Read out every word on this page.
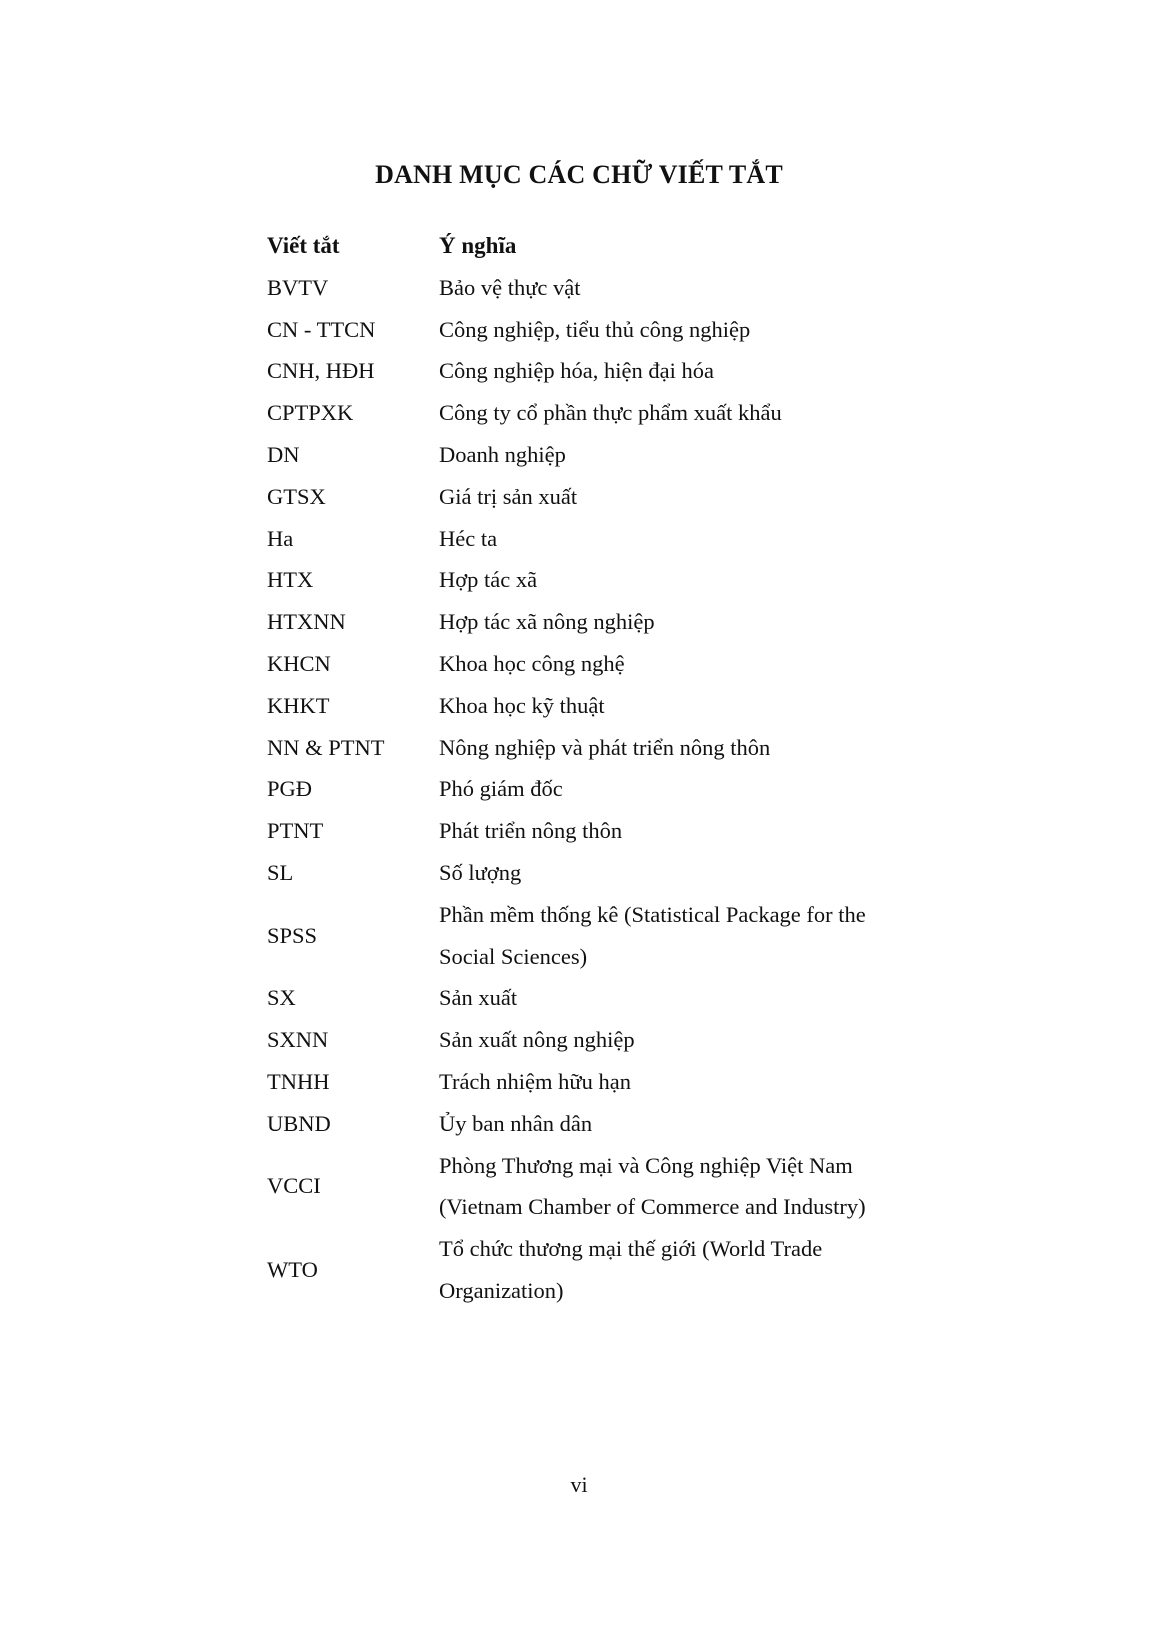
DANH MỤC CÁC CHỮ VIẾT TẮT
Viết tắt	Ý nghĩa
BVTV	Bảo vệ thực vật

CN - TTCN	Công nghiệp, tiểu thủ công nghiệp

CNH, HĐH	Công nghiệp hóa, hiện đại hóa

CPTPXK	Công ty cổ phần thực phẩm xuất khẩu

DN	Doanh nghiệp

GTSX	Giá trị sản xuất

Ha	Héc ta

HTX	Hợp tác xã

HTXNN	Hợp tác xã nông nghiệp

KHCN	Khoa học công nghệ

KHKT	Khoa học kỹ thuật

NN & PTNT	Nông nghiệp và phát triển nông thôn

PGĐ	Phó giám đốc

PTNT	Phát triển nông thôn

SL	Số lượng

SPSS	Phần mềm thống kê (Statistical Package for the
Social Sciences)

SX	Sản xuất

SXNN	Sản xuất nông nghiệp

TNHH	Trách nhiệm hữu hạn

UBND	Ủy ban nhân dân

VCCI	Phòng Thương mại và Công nghiệp Việt Nam
(Vietnam Chamber of Commerce and Industry)

WTO	Tổ chức thương mại thế giới (World Trade
Organization)
vi
